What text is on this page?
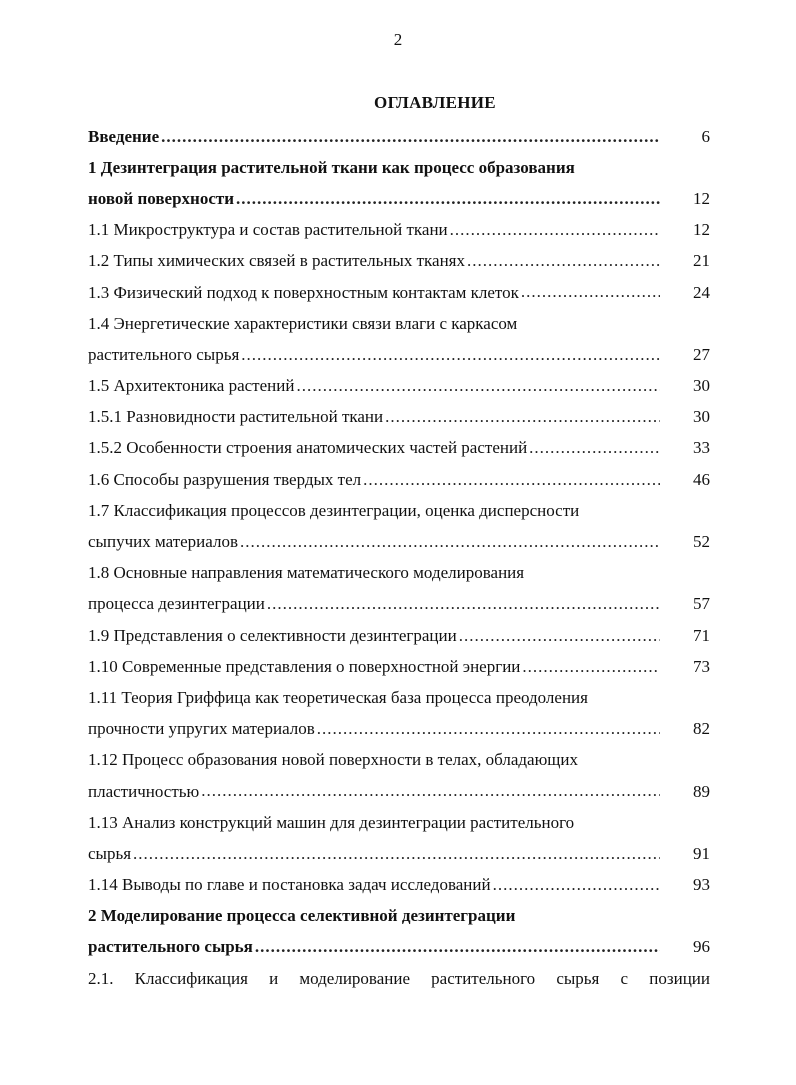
2
ОГЛАВЛЕНИЕ
Введение .....	6
1 Дезинтеграция растительной ткани как процесс образования
новой поверхности .....	12
1.1 Микроструктура и состав растительной ткани .....	12
1.2 Типы химических связей в растительных тканях .....	21
1.3 Физический подход к поверхностным контактам клеток .....	24
1.4 Энергетические характеристики связи влаги с каркасом
растительного сырья .....	27
1.5 Архитектоника растений .....	30
1.5.1 Разновидности растительной ткани .....	30
1.5.2 Особенности строения анатомических частей растений .....	33
1.6 Способы разрушения твердых тел .....	46
1.7 Классификация процессов дезинтеграции, оценка дисперсности
сыпучих материалов .....	52
1.8 Основные направления математического моделирования
процесса дезинтеграции .....	57
1.9 Представления о селективности дезинтеграции .....	71
1.10 Современные представления о поверхностной энергии .....	73
1.11 Теория Гриффица как теоретическая база процесса преодоления
прочности упругих материалов .....	82
1.12 Процесс образования новой поверхности в телах, обладающих
пластичностью .....	89
1.13 Анализ конструкций машин для дезинтеграции растительного
сырья .....	91
1.14 Выводы по главе и постановка задач исследований .....	93
2 Моделирование процесса селективной дезинтеграции
растительного сырья .....	96
2.1. Классификация и моделирование растительного сырья с позиции
